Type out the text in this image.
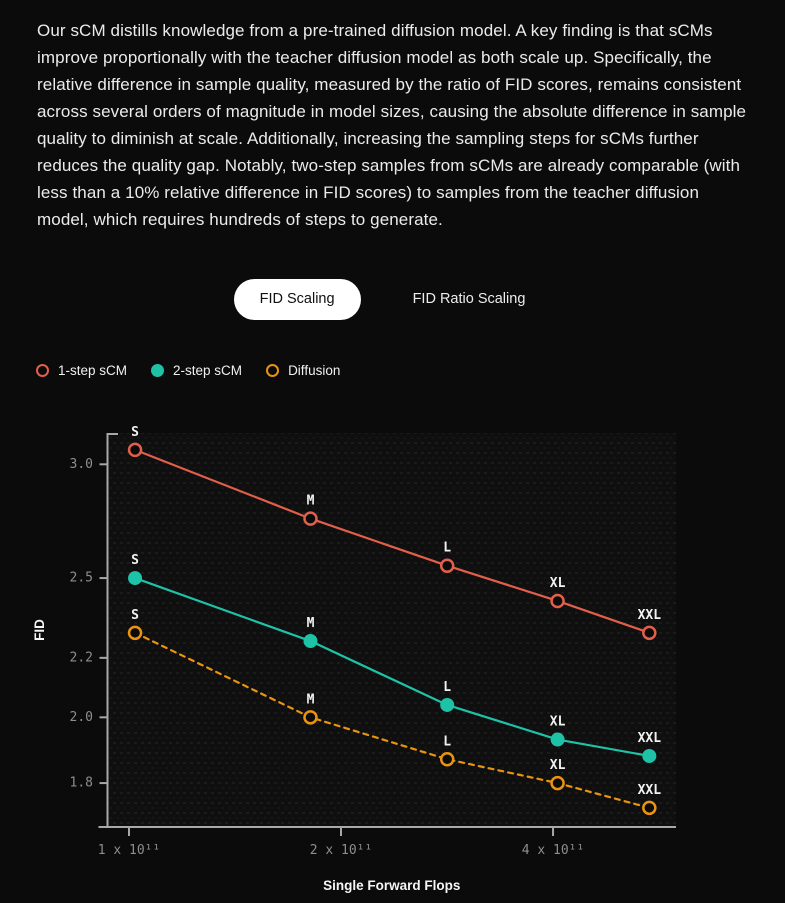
Our sCM distills knowledge from a pre-trained diffusion model. A key finding is that sCMs improve proportionally with the teacher diffusion model as both scale up. Specifically, the relative difference in sample quality, measured by the ratio of FID scores, remains consistent across several orders of magnitude in model sizes, causing the absolute difference in sample quality to diminish at scale. Additionally, increasing the sampling steps for sCMs further reduces the quality gap. Notably, two-step samples from sCMs are already comparable (with less than a 10% relative difference in FID scores) to samples from the teacher diffusion model, which requires hundreds of steps to generate.

FID Scaling	FID Ratio Scaling
1-step sCM	2-step sCM	Diffusion
3.0
2.5
2.2
2.0
1.8
1 x 10¹¹	2 x 10¹¹	4 x 10¹¹
S
M
L
XL
XXL
S
M
L
XL
XXL
S
M
L
XL
XXL
Single Forward Flops
FID
